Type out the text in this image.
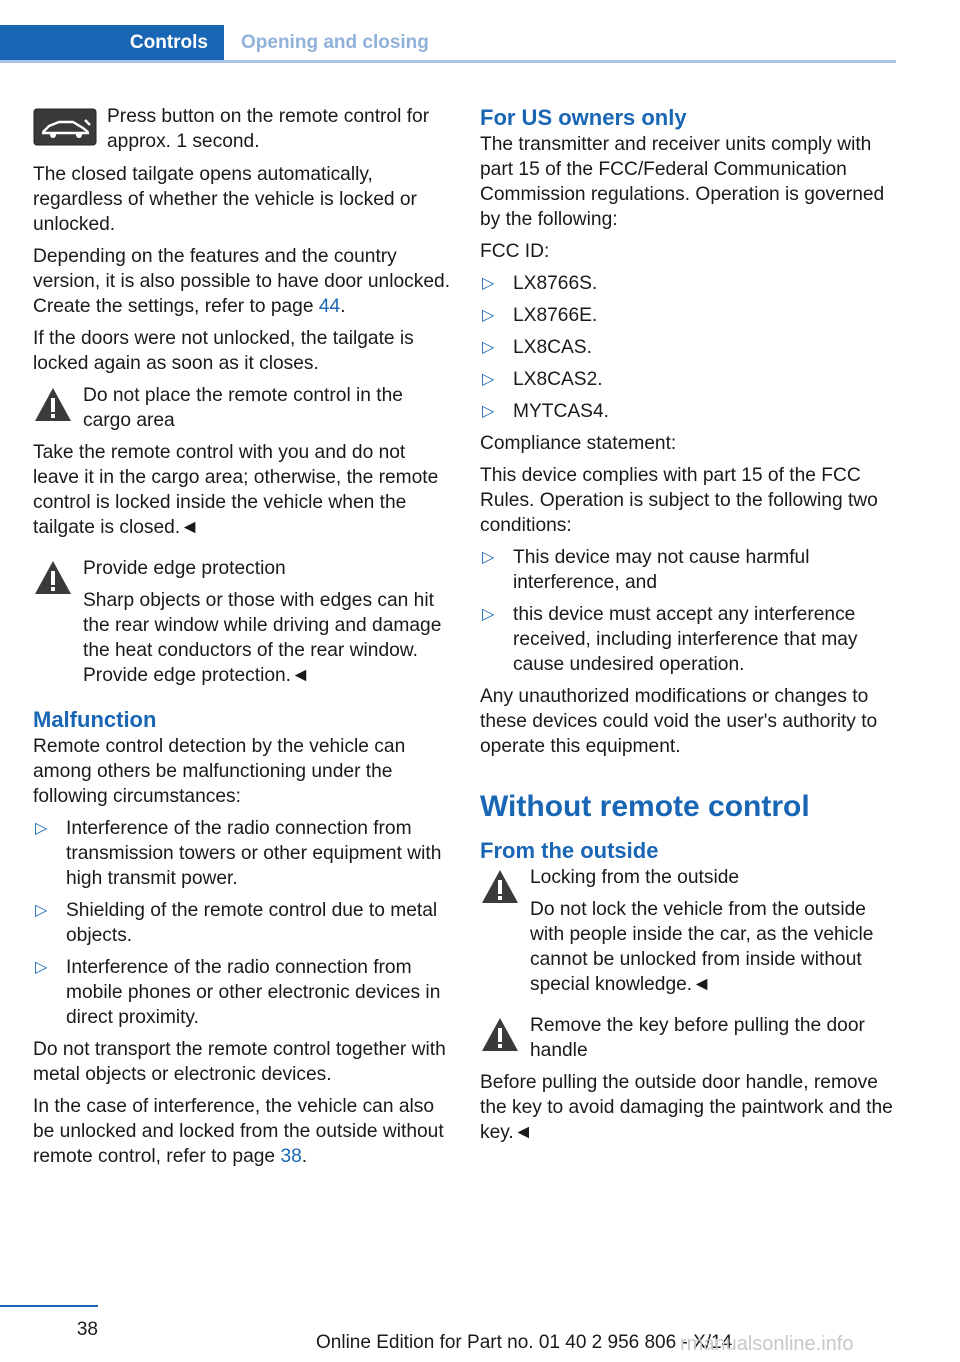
Controls	Opening and closing
Press button on the remote control for approx. 1 second.

The closed tailgate opens automatically, regardless of whether the vehicle is locked or unlocked.

Depending on the features and the country version, it is also possible to have door unlocked. Create the settings, refer to page 44.

If the doors were not unlocked, the tailgate is locked again as soon as it closes.

Do not place the remote control in the cargo area
Take the remote control with you and do not leave it in the cargo area; otherwise, the remote control is locked inside the vehicle when the tailgate is closed.◄
Provide edge protection
Sharp objects or those with edges can hit the rear window while driving and damage the heat conductors of the rear window. Provide edge protection.◄
Malfunction

Remote control detection by the vehicle can among others be malfunctioning under the following circumstances:

▷ Interference of the radio connection from transmission towers or other equipment with high transmit power.
▷ Shielding of the remote control due to metal objects.
▷ Interference of the radio connection from mobile phones or other electronic devices in direct proximity.

Do not transport the remote control together with metal objects or electronic devices.

In the case of interference, the vehicle can also be unlocked and locked from the outside without remote control, refer to page 38.

For US owners only

The transmitter and receiver units comply with part 15 of the FCC/Federal Communication Commission regulations. Operation is governed by the following:

FCC ID:

▷ LX8766S.
▷ LX8766E.
▷ LX8CAS.
▷ LX8CAS2.
▷ MYTCAS4.

Compliance statement:

This device complies with part 15 of the FCC Rules. Operation is subject to the following two conditions:

▷ This device may not cause harmful interference, and
▷ this device must accept any interference received, including interference that may cause undesired operation.

Any unauthorized modifications or changes to these devices could void the user's authority to operate this equipment.

Without remote control
From the outside
Locking from the outside
Do not lock the vehicle from the outside with people inside the car, as the vehicle cannot be unlocked from inside without special knowledge.◄
Remove the key before pulling the door handle
Before pulling the outside door handle, remove the key to avoid damaging the paintwork and the key.◄
38
Online Edition for Part no. 01 40 2 956 806 - X/14
rmanualsonline.info
